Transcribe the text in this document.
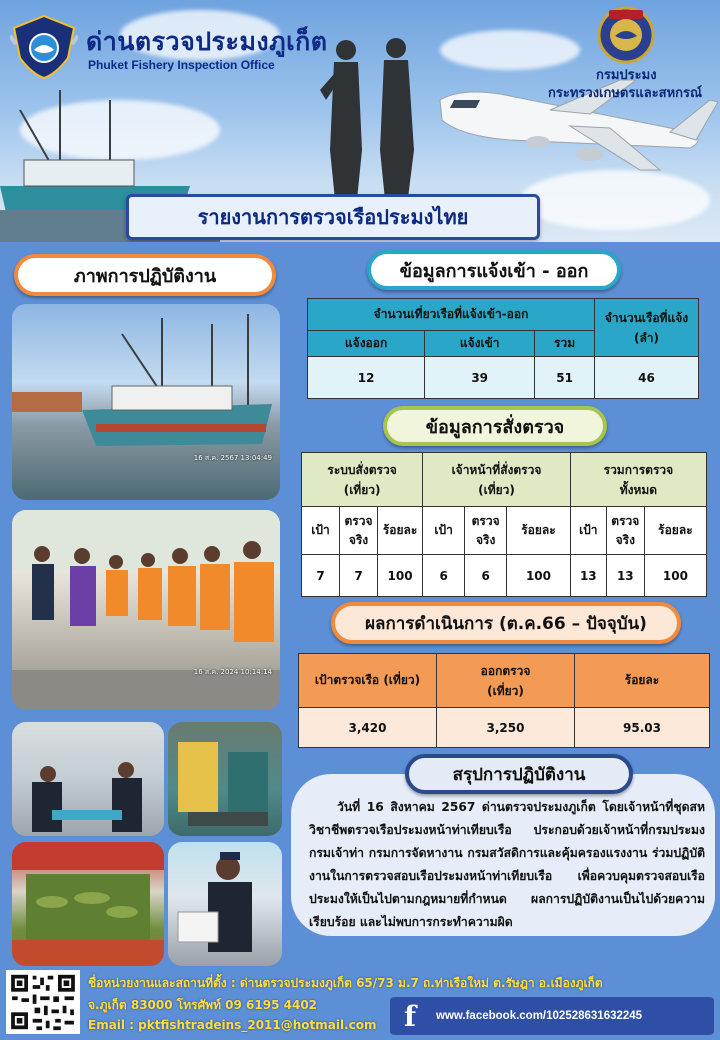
ด่านตรวจประมงภูเก็ต
Phuket Fishery Inspection Office
กรมประมง
กระทรวงเกษตรและสหกรณ์
รายงานการตรวจเรือประมงไทย
ภาพการปฏิบัติงาน
16 ส.ค. 2567 13:04:49
16 ส.ค. 2024 10:14:14
ข้อมูลการแจ้งเข้า - ออก
จำนวนเที่ยวเรือที่แจ้งเข้า-ออก			จำนวนเรือที่แจ้ง (ลำ)
แจ้งออก	แจ้งเข้า	รวม	
12	39	51	46
ข้อมูลการสั่งตรวจ
ระบบสั่งตรวจ (เที่ยว)			เจ้าหน้าที่สั่งตรวจ (เที่ยว)			รวมการตรวจ ทั้งหมด		
เป้า	ตรวจ จริง	ร้อยละ	เป้า	ตรวจ จริง	ร้อยละ	เป้า	ตรวจ จริง	ร้อยละ
7	7	100	6	6	100	13	13	100
ผลการดำเนินการ (ต.ค.66 – ปัจจุบัน)
เป้าตรวจเรือ (เที่ยว)	ออกตรวจ (เที่ยว)	ร้อยละ
3,420	3,250	95.03

วันที่ 16 สิงหาคม 2567 ด่านตรวจประมงภูเก็ต โดยเจ้าหน้าที่ชุดสหวิชาชีพตรวจเรือประมงหน้าท่าเทียบเรือ ประกอบด้วยเจ้าหน้าที่กรมประมง กรมเจ้าท่า กรมการจัดหางาน กรมสวัสดิการและคุ้มครองแรงงาน ร่วมปฏิบัติงานในการตรวจสอบเรือประมงหน้าท่าเทียบเรือ เพื่อควบคุมตรวจสอบเรือประมงให้เป็นไปตามกฎหมายที่กำหนด ผลการปฏิบัติงานเป็นไปด้วยความเรียบร้อย และไม่พบการกระทำความผิด

สรุปการปฏิบัติงาน
ชื่อหน่วยงานและสถานที่ตั้ง : ด่านตรวจประมงภูเก็ต 65/73 ม.7 ถ.ท่าเรือใหม่ ต.รัษฎา อ.เมืองภูเก็ต
จ.ภูเก็ต 83000 โทรศัพท์ 09 6195 4402
Email : pktfishtradeins_2011@hotmail.com f	www.facebook.com/102528631632245
